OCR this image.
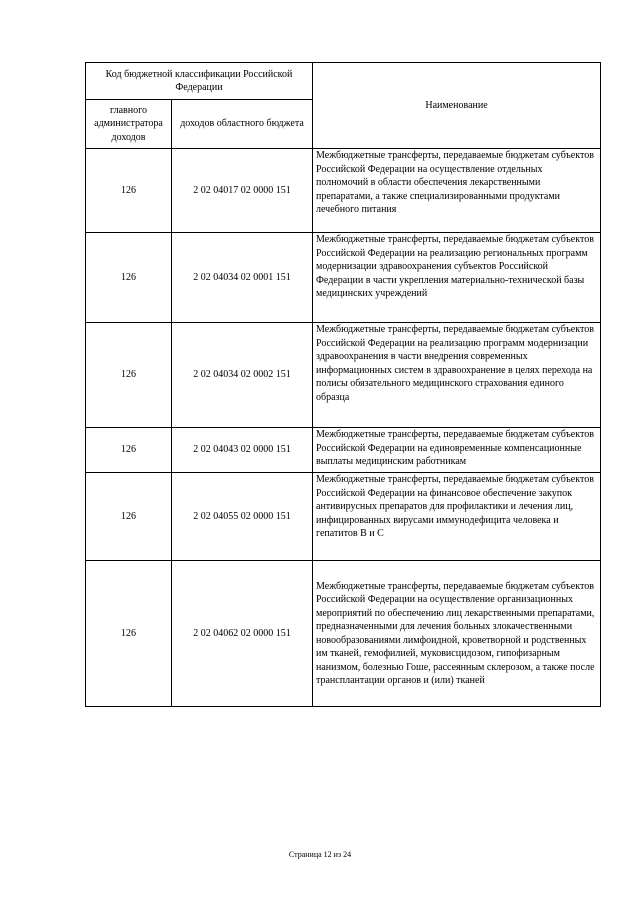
Код бюджетной классификации Российской Федерации		Наименование
главного администратора доходов	доходов областного бюджета	
126	2 02 04017 02 0000 151	Межбюджетные трансферты, передаваемые бюджетам субъектов Российской Федерации на осуществление отдельных полномочий в области обеспечения лекарственными препаратами, а также специализированными продуктами лечебного питания
126	2 02 04034 02 0001 151	Межбюджетные трансферты, передаваемые бюджетам субъектов Российской Федерации на реализацию региональных программ модернизации здравоохранения субъектов Российской Федерации в части укрепления материально-технической базы медицинских учреждений
126	2 02 04034 02 0002 151	Межбюджетные трансферты, передаваемые бюджетам субъектов Российской Федерации на реализацию программ модернизации здравоохранения в части внедрения современных информационных систем в здравоохранение в целях перехода на полисы обязательного медицинского страхования единого образца
126	2 02 04043 02 0000 151	Межбюджетные трансферты, передаваемые бюджетам субъектов Российской Федерации на единовременные компенсационные выплаты медицинским работникам
126	2 02 04055 02 0000 151	Межбюджетные трансферты, передаваемые бюджетам субъектов Российской Федерации на финансовое обеспечение закупок антивирусных препаратов для профилактики и лечения лиц, инфицированных вирусами иммунодефицита человека и гепатитов B и C
126	2 02 04062 02 0000 151	Межбюджетные трансферты, передаваемые бюджетам субъектов Российской Федерации на осуществление организационных мероприятий по обеспечению лиц лекарственными препаратами, предназначенными для лечения больных злокачественными новообразованиями лимфоидной, кроветворной и родственных им тканей, гемофилией, муковисцидозом, гипофизарным нанизмом, болезнью Гоше, рассеянным склерозом, а также после трансплантации органов и (или) тканей
Страница 12 из 24
